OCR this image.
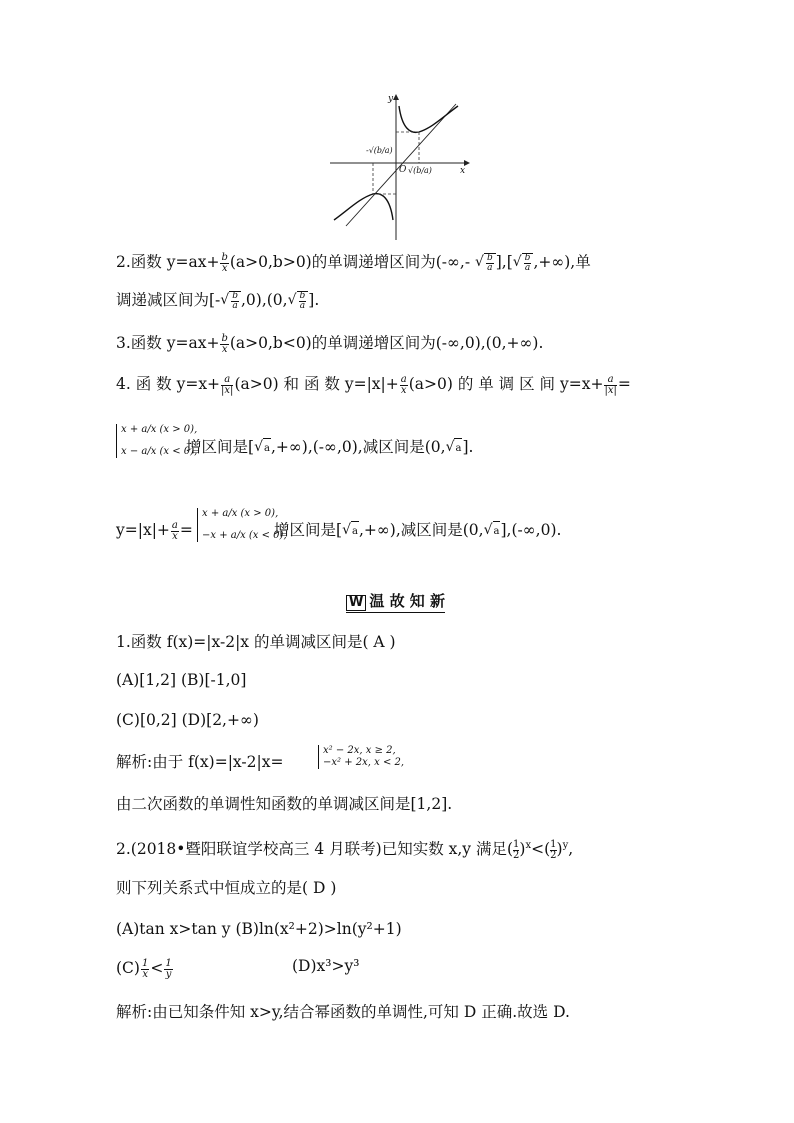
y
x
O
-√(b/a)
√(b/a)
2.函数 $y=ax+ \frac{b}{x} (a>0,b>0)$的单调递增区间为(-∞,- √ $\frac{b}{a}$ ],[√ $\frac{b}{a}$ ,+∞),单
调递减区间为[-√ $\frac{b}{a} ,0),(0,√ \frac{b}{a}$ ].
3.函数 $y=ax+ \frac{b}{x} (a>0,b<0)$的单调递增区间为(-∞,0),(0,+∞).
4. 函 数 $y=x+ \frac{a}{|x|} (a>0)$ 和 函 数 $y=|x|+ \frac{a}{x} (a>0)$ 的 单 调 区 间 $y=x+ \frac{a}{|x|}$ =
x + a/x (x > 0),
x − a/x (x < 0),
增区间是[√a,+∞),(-∞,0),减区间是(0,√a].
$y=|x|+ \frac{a}{x}$ =
x + a/x (x > 0),
−x + a/x (x < 0),
增区间是[√a,+∞),减区间是(0,√a],(-∞,0).
W 温 故 知 新
1.函数 f(x)=|x-2|x 的单调减区间是( A )
(A)[1,2] (B)[-1,0]
(C)[0,2] (D)[2,+∞)
解析:由于 f(x)=|x-2|x=
x² − 2x, x ≥ 2,
−x² + 2x, x < 2,
由二次函数的单调性知函数的单调减区间是[1,2].
2.(2018•暨阳联谊学校高三 4 月联考)已知实数 x,y 满足( $\frac{1}{2} )^x<( \frac{1}{2} )^y$,
则下列关系式中恒成立的是( D )
(A)tan x>tan y (B)ln(x²+2)>ln(y²+1)
$(C) \frac{1}{x} < \frac{1}{y}$	(D)x³>y³
解析:由已知条件知 x>y,结合幂函数的单调性,可知 D 正确.故选 D.
